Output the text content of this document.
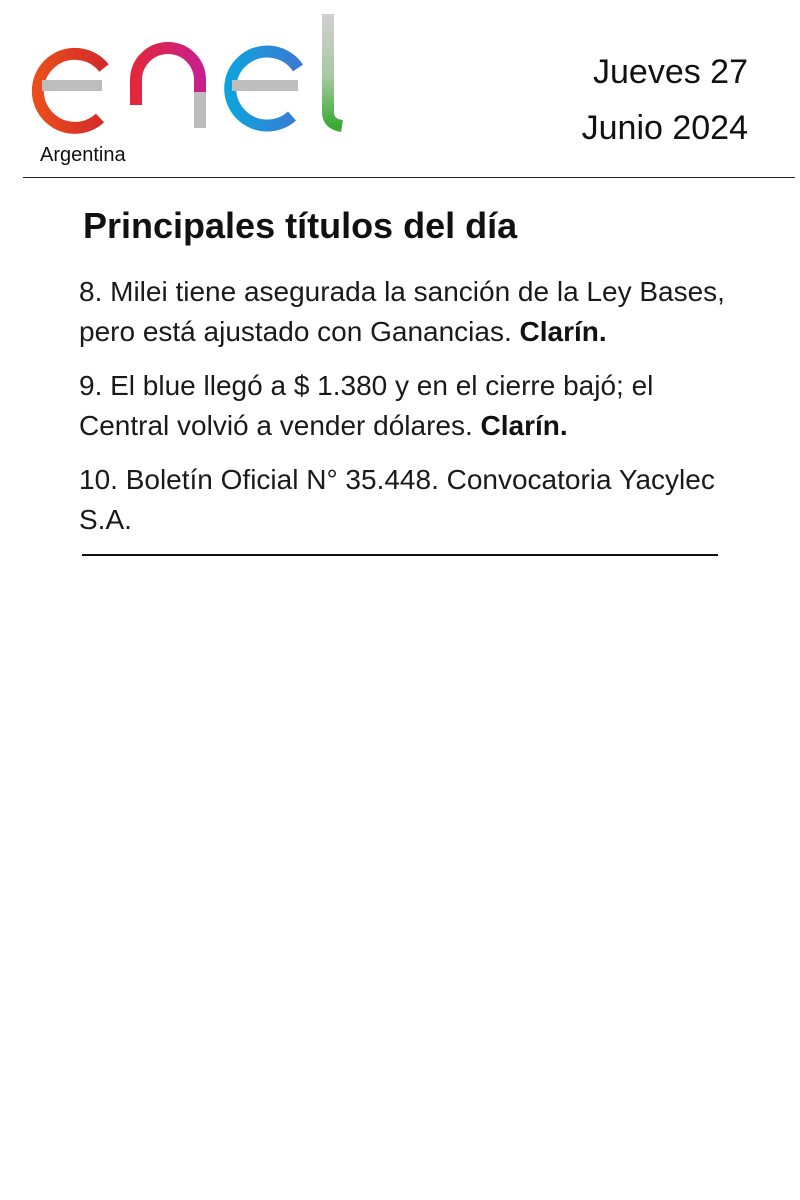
Argentina
Jueves 27
Junio 2024
Principales títulos del día

8. Milei tiene asegurada la sanción de la Ley Bases, pero está ajustado con Ganancias. Clarín.

9. El blue llegó a $ 1.380 y en el cierre bajó; el Central volvió a vender dólares. Clarín.

10. Boletín Oficial N° 35.448. Convocatoria Yacylec S.A.
